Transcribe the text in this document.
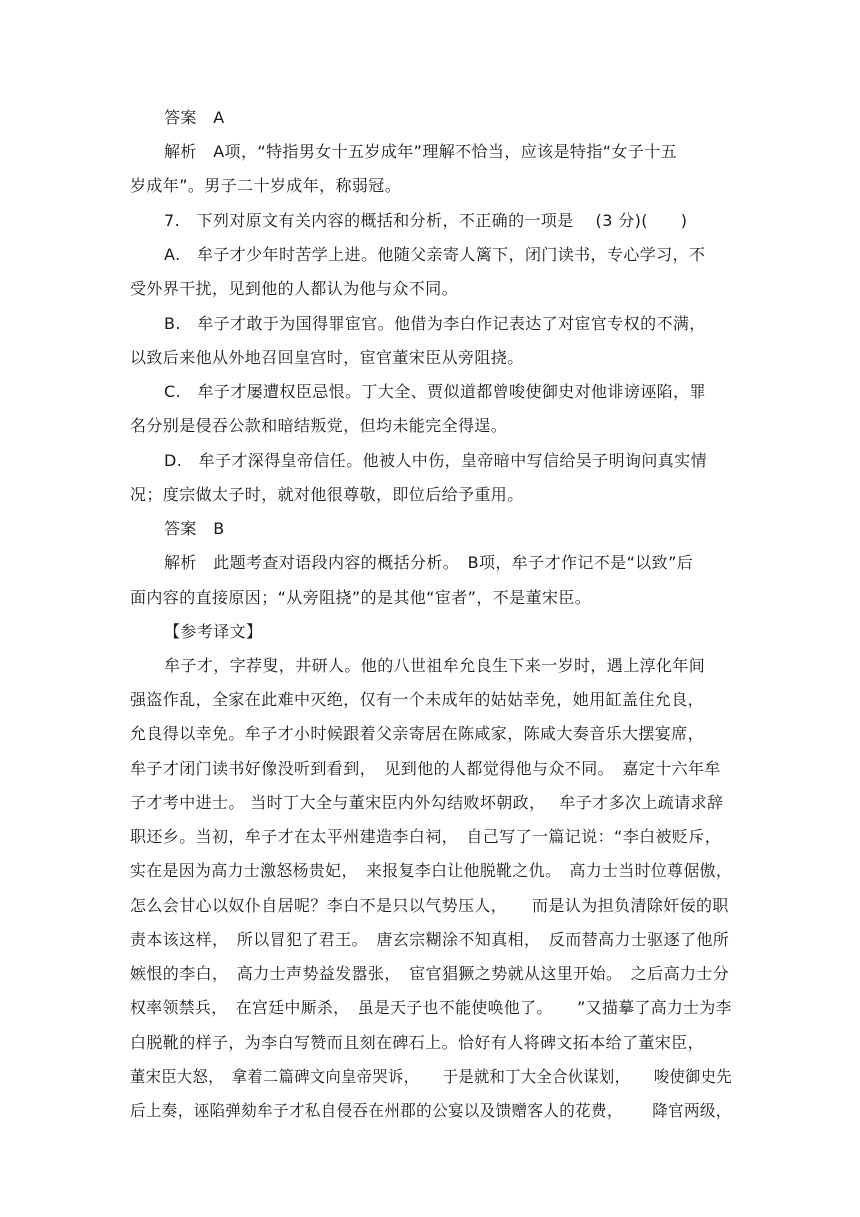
答案　A
解析　A项，“特指男女十五岁成年”理解不恰当，应该是特指“女子十五
岁成年”。男子二十岁成年，称弱冠。
7.　下列对原文有关内容的概括和分析，不正确的一项是　 (3 分)(　　)
A.　牟子才少年时苦学上进。他随父亲寄人篱下，闭门读书，专心学习，不
受外界干扰，见到他的人都认为他与众不同。
B.　牟子才敢于为国得罪宦官。他借为李白作记表达了对宦官专权的不满，
以致后来他从外地召回皇宫时，宦官董宋臣从旁阻挠。
C.　牟子才屡遭权臣忌恨。丁大全、贾似道都曾唆使御史对他诽谤诬陷，罪
名分别是侵吞公款和暗结叛党，但均未能完全得逞。
D.　牟子才深得皇帝信任。他被人中伤，皇帝暗中写信给吴子明询问真实情
况；度宗做太子时，就对他很尊敬，即位后给予重用。
答案　B
解析　此题考查对语段内容的概括分析。　B项，牟子才作记不是“以致”后
面内容的直接原因；“从旁阻挠”的是其他“宦者”，不是董宋臣。
【参考译文】
牟子才，字荐叟，井研人。他的八世祖牟允良生下来一岁时，遇上淳化年间
强盗作乱，全家在此难中灭绝，仅有一个未成年的姑姑幸免，她用缸盖住允良，
允良得以幸免。牟子才小时候跟着父亲寄居在陈咸家，陈咸大奏音乐大摆宴席，
牟子才闭门读书好像没听到看到，　见到他的人都觉得他与众不同。　嘉定十六年牟
子才考中进士。 当时丁大全与董宋臣内外勾结败坏朝政，　 牟子才多次上疏请求辞
职还乡。当初，牟子才在太平州建造李白祠，　自己写了一篇记说：“李白被贬斥，
实在是因为高力士激怒杨贵妃，　来报复李白让他脱靴之仇。　高力士当时位尊倨傲，
怎么会甘心以奴仆自居呢？李白不是只以气势压人，　　而是认为担负清除奸佞的职
责本该这样，　所以冒犯了君王。　唐玄宗糊涂不知真相，　反而替高力士驱逐了他所
嫉恨的李白，　高力士声势益发嚣张，　宦官猖獗之势就从这里开始。　之后高力士分
权率领禁兵，　在宫廷中厮杀，　虽是天子也不能使唤他了。　　”又描摹了高力士为李
白脱靴的样子，为李白写赞而且刻在碑石上。恰好有人将碑文拓本给了董宋臣，
董宋臣大怒，　拿着二篇碑文向皇帝哭诉，　　于是就和丁大全合伙谋划，　　唆使御史先
后上奏，诬陷弹劾牟子才私自侵吞在州郡的公宴以及馈赠客人的花费，　　 降官两级，
